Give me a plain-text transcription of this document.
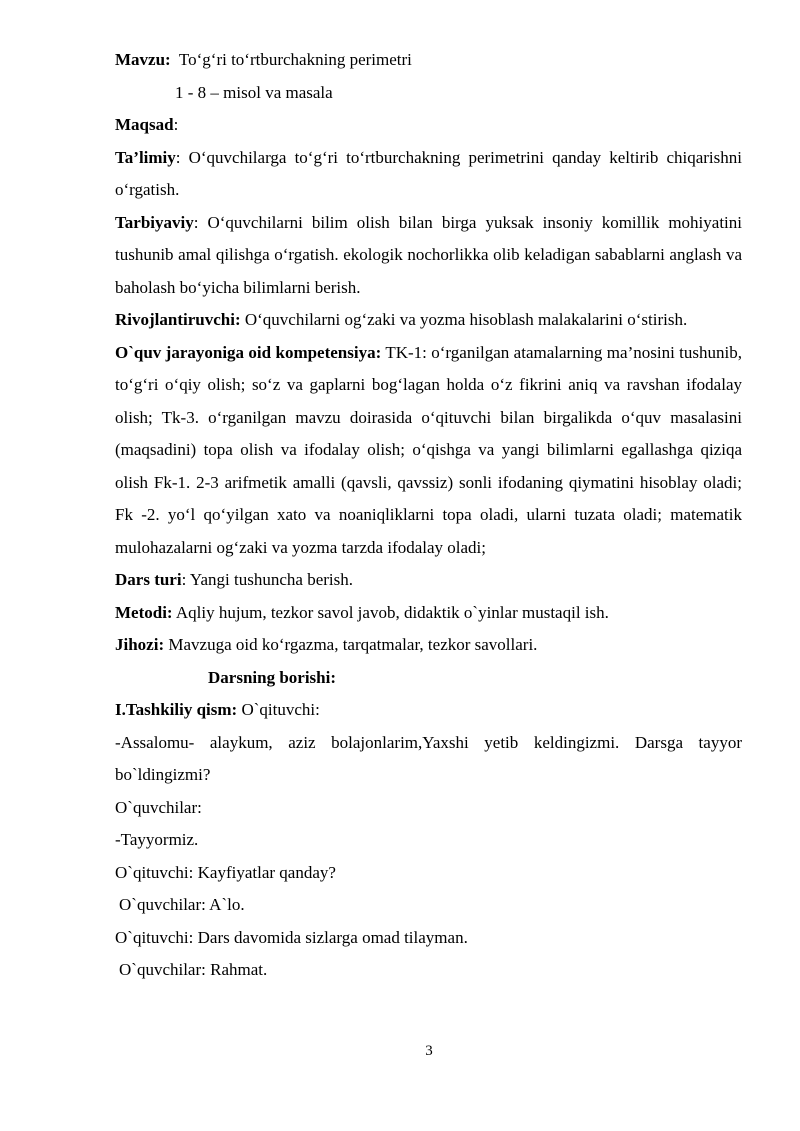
Mavzu: To‘g‘ri to‘rtburchakning perimetri

1 - 8 – misol va masala

Maqsad:

Ta’limiy: O‘quvchilarga to‘g‘ri to‘rtburchakning perimetrini qanday keltirib chiqarishni o‘rgatish.

Tarbiyaviy: O‘quvchilarni bilim olish bilan birga yuksak insoniy komillik mohiyatini tushunib amal qilishga o‘rgatish. ekologik nochorlikka olib keladigan sabablarni anglash va baholash bo‘yicha bilimlarni berish.

Rivojlantiruvchi: O‘quvchilarni og‘zaki va yozma hisoblash malakalarini o‘stirish.

O`quv jarayoniga oid kompetensiya: TK-1: o‘rganilgan atamalarning ma’nosini tushunib, to‘g‘ri o‘qiy olish; so‘z va gaplarni bog‘lagan holda o‘z fikrini aniq va ravshan ifodalay olish; Tk-3. o‘rganilgan mavzu doirasida o‘qituvchi bilan birgalikda o‘quv masalasini (maqsadini) topa olish va ifodalay olish; o‘qishga va yangi bilimlarni egallashga qiziqa olish Fk-1. 2-3 arifmetik amalli (qavsli, qavssiz) sonli ifodaning qiymatini hisoblay oladi; Fk -2. yo‘l qo‘yilgan xato va noaniqliklarni topa oladi, ularni tuzata oladi; matematik mulohazalarni og‘zaki va yozma tarzda ifodalay oladi;

Dars turi: Yangi tushuncha berish.

Metodi: Aqliy hujum, tezkor savol javob, didaktik o`yinlar mustaqil ish.

Jihozi: Mavzuga oid ko‘rgazma, tarqatmalar, tezkor savollari.

Darsning borishi:

I.Tashkiliy qism: O`qituvchi:

-Assalomu- alaykum, aziz bolajonlarim,Yaxshi yetib keldingizmi. Darsga tayyor bo`ldingizmi?

O`quvchilar:

-Tayyormiz.

O`qituvchi: Kayfiyatlar qanday?

O`quvchilar: A`lo.

O`qituvchi: Dars davomida sizlarga omad tilayman.

O`quvchilar: Rahmat.

3
